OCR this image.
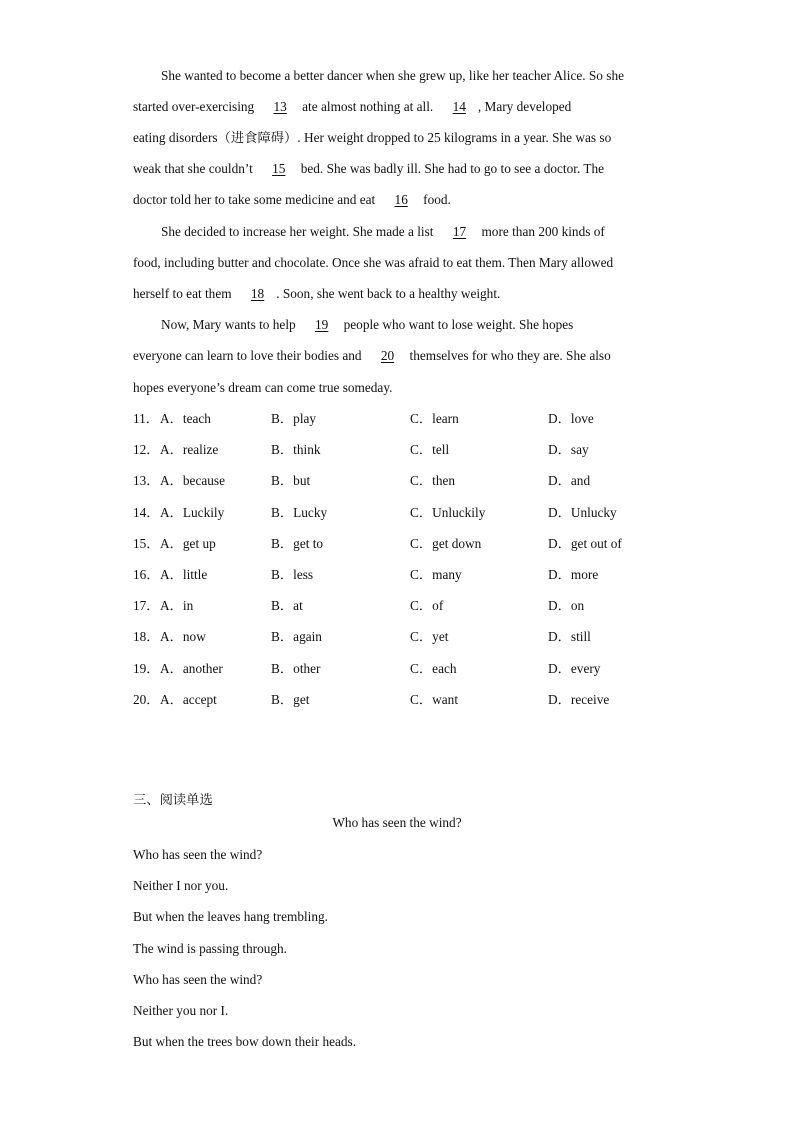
She wanted to become a better dancer when she grew up, like her teacher Alice. So she
started over-exercising 13 ate almost nothing at all. 14 , Mary developed
eating disorders（进食障碍）. Her weight dropped to 25 kilograms in a year. She was so
weak that she couldn’t 15 bed. She was badly ill. She had to go to see a doctor. The
doctor told her to take some medicine and eat 16 food.
She decided to increase her weight. She made a list 17 more than 200 kinds of
food, including butter and chocolate. Once she was afraid to eat them. Then Mary allowed
herself to eat them 18 . Soon, she went back to a healthy weight.
Now, Mary wants to help 19 people who want to lose weight. She hopes
everyone can learn to love their bodies and 20 themselves for who they are. She also
hopes everyone’s dream can come true someday.
11． A．teach	B．play	C．learn	D．love
12． A．realize	B．think	C．tell	D．say
13． A．because	B．but	C．then	D．and
14． A．Luckily	B．Lucky	C．Unluckily	D．Unlucky
15． A．get up	B．get to	C．get down	D．get out of
16． A．little	B．less	C．many	D．more
17． A．in	B．at	C．of	D．on
18． A．now	B．again	C．yet	D．still
19． A．another	B．other	C．each	D．every
20． A．accept	B．get	C．want	D．receive
三、阅读单选
Who has seen the wind?
Who has seen the wind?
Neither I nor you.
But when the leaves hang trembling.
The wind is passing through.
Who has seen the wind?
Neither you nor I.
But when the trees bow down their heads.
